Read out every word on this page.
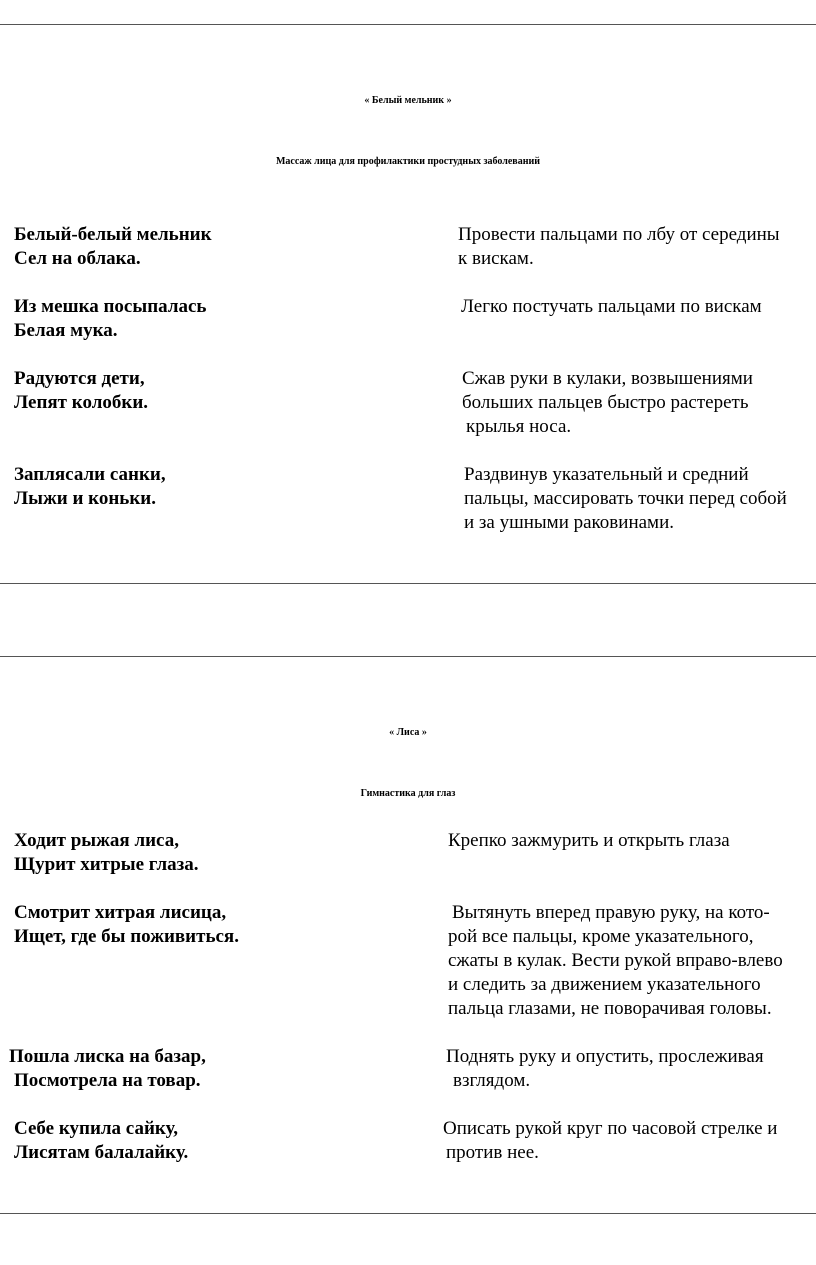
« Белый мельник »
Массаж лица для профилактики простудных заболеваний
Белый-белый мельник
Сел на облака.
Из мешка посыпалась
Белая мука.
Радуются дети,
Лепят колобки.
Заплясали санки,
Лыжи и коньки.
Провести пальцами по лбу от середины
к вискам.
Легко постучать пальцами по вискам
Сжав руки в кулаки, возвышениями
больших пальцев быстро растереть
крылья носа.
Раздвинув указательный и средний
пальцы, массировать точки перед собой
и за ушными раковинами.
« Лиса »
Гимнастика для глаз
Ходит рыжая лиса,
Щурит хитрые глаза.
Смотрит хитрая лисица,
Ищет, где бы поживиться.
Пошла лиска на базар,
Посмотрела на товар.
Себе купила сайку,
Лисятам балалайку.
Крепко зажмурить и открыть глаза
Вытянуть вперед правую руку, на кото-
рой все пальцы, кроме указательного,
сжаты в кулак. Вести рукой вправо-влево
и следить за движением указательного
пальца глазами, не поворачивая головы.
Поднять руку и опустить, прослеживая
взглядом.
Описать рукой круг по часовой стрелке и
против нее.
